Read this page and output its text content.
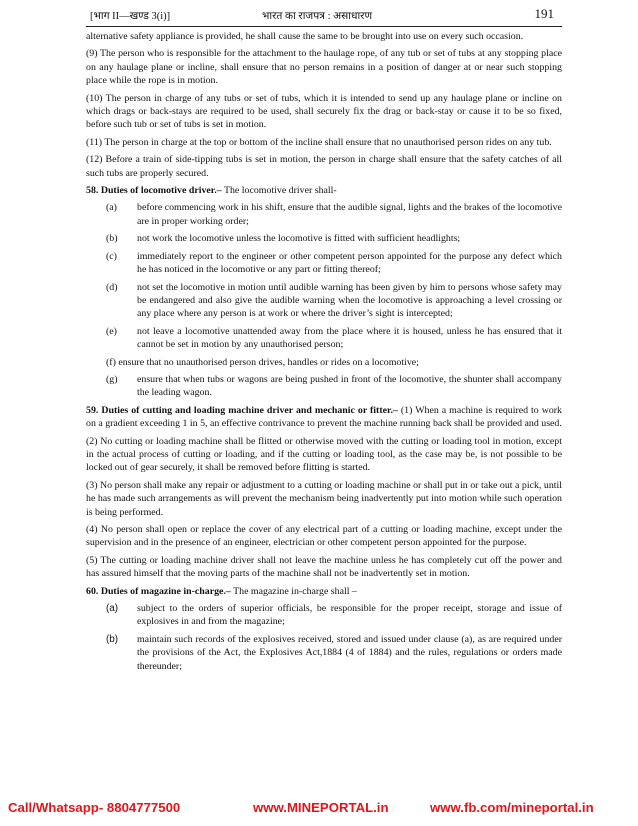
[भाग II—खण्ड 3(i)]	भारत का राजपत्र : असाधारण	191

alternative safety appliance is provided, he shall cause the same to be brought into use on every such occasion.

(9) The person who is responsible for the attachment to the haulage rope, of any tub or set of tubs at any stopping place on any haulage plane or incline, shall ensure that no person remains in a position of danger at or near such stopping place while the rope is in motion.

(10) The person in charge of any tubs or set of tubs, which it is intended to send up any haulage plane or incline on which drags or back-stays are required to be used, shall securely fix the drag or back-stay or cause it to be so fixed, before such tub or set of tubs is set in motion.

(11) The person in charge at the top or bottom of the incline shall ensure that no unauthorised person rides on any tub.

(12) Before a train of side-tipping tubs is set in motion, the person in charge shall ensure that the safety catches of all such tubs are properly secured.

58. Duties of locomotive driver.– The locomotive driver shall-

(a)	before commencing work in his shift, ensure that the audible signal, lights and the brakes of the locomotive are in proper working order;
(b)	not work the locomotive unless the locomotive is fitted with sufficient headlights;
(c)	immediately report to the engineer or other competent person appointed for the purpose any defect which he has noticed in the locomotive or any part or fitting thereof;
(d)	not set the locomotive in motion until audible warning has been given by him to persons whose safety may be endangered and also give the audible warning when the locomotive is approaching a level crossing or any place where any person is at work or where the driver’s sight is intercepted;
(e)	not leave a locomotive unattended away from the place where it is housed, unless he has ensured that it cannot be set in motion by any unauthorised person;
(f) ensure that no unauthorised person drives, handles or rides on a locomotive;
(g)	ensure that when tubs or wagons are being pushed in front of the locomotive, the shunter shall accompany the leading wagon.

59. Duties of cutting and loading machine driver and mechanic or fitter.– (1) When a machine is required to work on a gradient exceeding 1 in 5, an effective contrivance to prevent the machine running back shall be provided and used.

(2) No cutting or loading machine shall be flitted or otherwise moved with the cutting or loading tool in motion, except in the actual process of cutting or loading, and if the cutting or loading tool, as the case may be, is not possible to be locked out of gear securely, it shall be removed before flitting is started.

(3) No person shall make any repair or adjustment to a cutting or loading machine or shall put in or take out a pick, until he has made such arrangements as will prevent the mechanism being inadvertently put into motion while such operation is being performed.

(4) No person shall open or replace the cover of any electrical part of a cutting or loading machine, except under the supervision and in the presence of an engineer, electrician or other competent person appointed for the purpose.

(5) The cutting or loading machine driver shall not leave the machine unless he has completely cut off the power and has assured himself that the moving parts of the machine shall not be inadvertently set in motion.

60. Duties of magazine in-charge.– The magazine in-charge shall –

(a)	subject to the orders of superior officials, be responsible for the proper receipt, storage and issue of explosives in and from the magazine;
(b)	maintain such records of the explosives received, stored and issued under clause (a), as are required under the provisions of the Act, the Explosives Act,1884 (4 of 1884) and the rules, regulations or orders made thereunder;
Call/Whatsapp- 8804777500	www.MINEPORTAL.in	www.fb.com/mineportal.in
